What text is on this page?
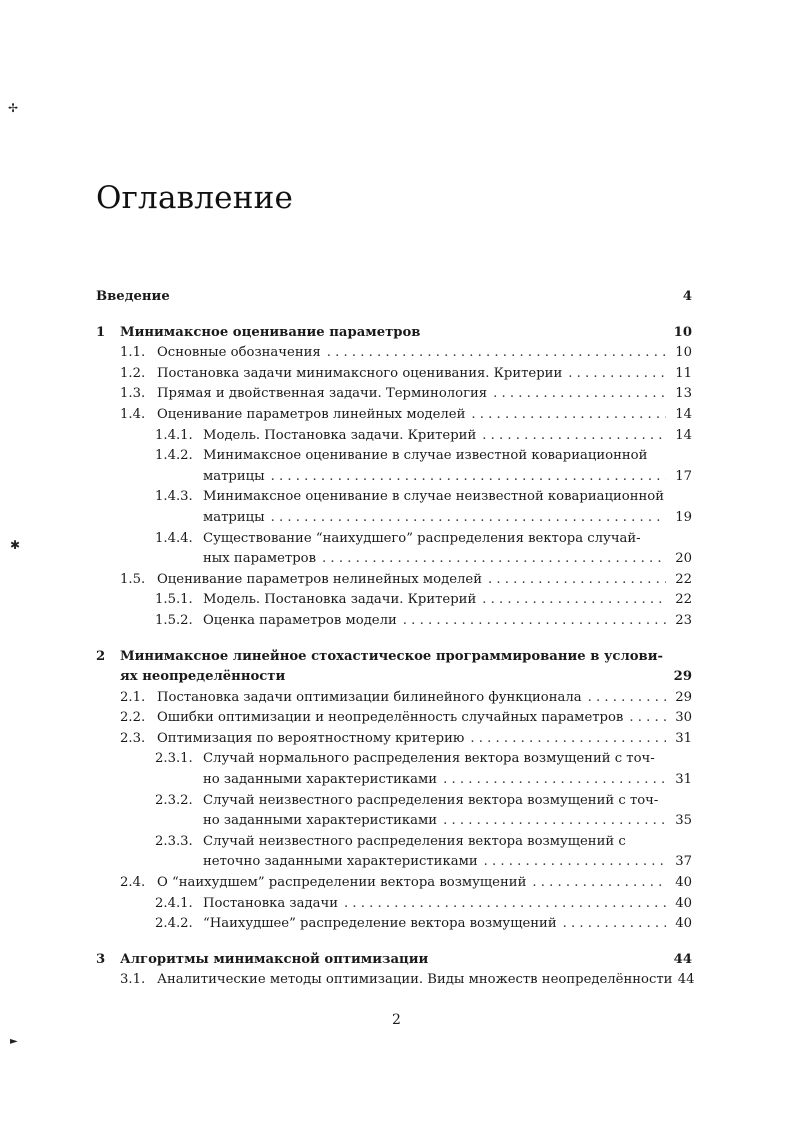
✢
✱
►
Оглавление
Введение	4
1	Минимаксное оценивание параметров	10
1.1. Основные обозначения . . .	10
1.2. Постановка задачи минимаксного оценивания. Критерии . . .	11
1.3. Прямая и двойственная задачи. Терминология . . .	13
1.4. Оценивание параметров линейных моделей . . .	14
1.4.1. Модель. Постановка задачи. Критерий . . .	14
1.4.2. Минимаксное оценивание в случае известной ковариационной
матрицы . . .	17
1.4.3. Минимаксное оценивание в случае неизвестной ковариационной
матрицы . . .	19
1.4.4. Существование “наихудшего” распределения вектора случай-
ных параметров . . .	20
1.5. Оценивание параметров нелинейных моделей . . .	22
1.5.1. Модель. Постановка задачи. Критерий . . .	22
1.5.2. Оценка параметров модели . . .	23
2	Минимаксное линейное стохастическое программирование в услови-
ях неопределённости	29
2.1. Постановка задачи оптимизации билинейного функционала . . .	29
2.2. Ошибки оптимизации и неопределённость случайных параметров . . .	30
2.3. Оптимизация по вероятностному критерию . . .	31
2.3.1. Случай нормального распределения вектора возмущений с точ-
но заданными характеристиками . . .	31
2.3.2. Случай неизвестного распределения вектора возмущений с точ-
но заданными характеристиками . . .	35
2.3.3. Случай неизвестного распределения вектора возмущений с
неточно заданными характеристиками . . .	37
2.4. О “наихудшем” распределении вектора возмущений . . .	40
2.4.1. Постановка задачи . . .	40
2.4.2. “Наихудшее” распределение вектора возмущений . . .	40
3	Алгоритмы минимаксной оптимизации	44
3.1. Аналитические методы оптимизации. Виды множеств неопределённости 44
2
